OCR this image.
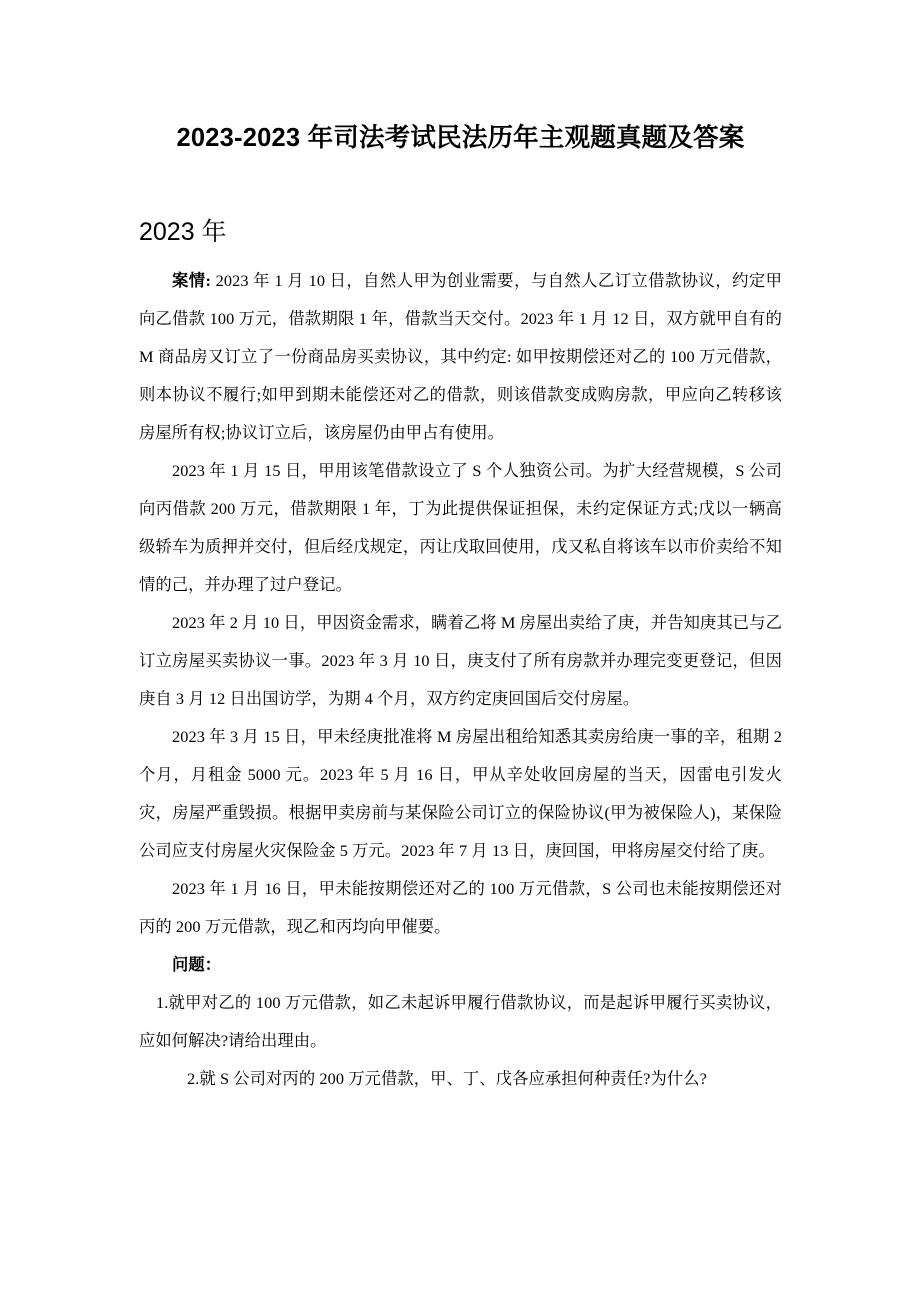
2023-2023 年司法考试民法历年主观题真题及答案
2023 年

案情: 2023 年 1 月 10 日，自然人甲为创业需要，与自然人乙订立借款协议，约定甲向乙借款 100 万元，借款期限 1 年，借款当天交付。2023 年 1 月 12 日，双方就甲自有的 M 商品房又订立了一份商品房买卖协议，其中约定: 如甲按期偿还对乙的 100 万元借款，则本协议不履行;如甲到期未能偿还对乙的借款，则该借款变成购房款，甲应向乙转移该房屋所有权;协议订立后，该房屋仍由甲占有使用。

2023 年 1 月 15 日，甲用该笔借款设立了 S 个人独资公司。为扩大经营规模，S 公司向丙借款 200 万元，借款期限 1 年，丁为此提供保证担保，未约定保证方式;戊以一辆高级轿车为质押并交付，但后经戊规定，丙让戊取回使用，戊又私自将该车以市价卖给不知情的己，并办理了过户登记。

2023 年 2 月 10 日，甲因资金需求，瞒着乙将 M 房屋出卖给了庚，并告知庚其已与乙订立房屋买卖协议一事。2023 年 3 月 10 日，庚支付了所有房款并办理完变更登记，但因庚自 3 月 12 日出国访学，为期 4 个月，双方约定庚回国后交付房屋。

2023 年 3 月 15 日，甲未经庚批准将 M 房屋出租给知悉其卖房给庚一事的辛，租期 2 个月，月租金 5000 元。2023 年 5 月 16 日，甲从辛处收回房屋的当天，因雷电引发火灾，房屋严重毁损。根据甲卖房前与某保险公司订立的保险协议(甲为被保险人)，某保险公司应支付房屋火灾保险金 5 万元。2023 年 7 月 13 日，庚回国，甲将房屋交付给了庚。

2023 年 1 月 16 日，甲未能按期偿还对乙的 100 万元借款，S 公司也未能按期偿还对丙的 200 万元借款，现乙和丙均向甲催要。

问题：

1.就甲对乙的 100 万元借款，如乙未起诉甲履行借款协议，而是起诉甲履行买卖协议，应如何解决?请给出理由。

2.就 S 公司对丙的 200 万元借款，甲、丁、戊各应承担何种责任?为什么?
